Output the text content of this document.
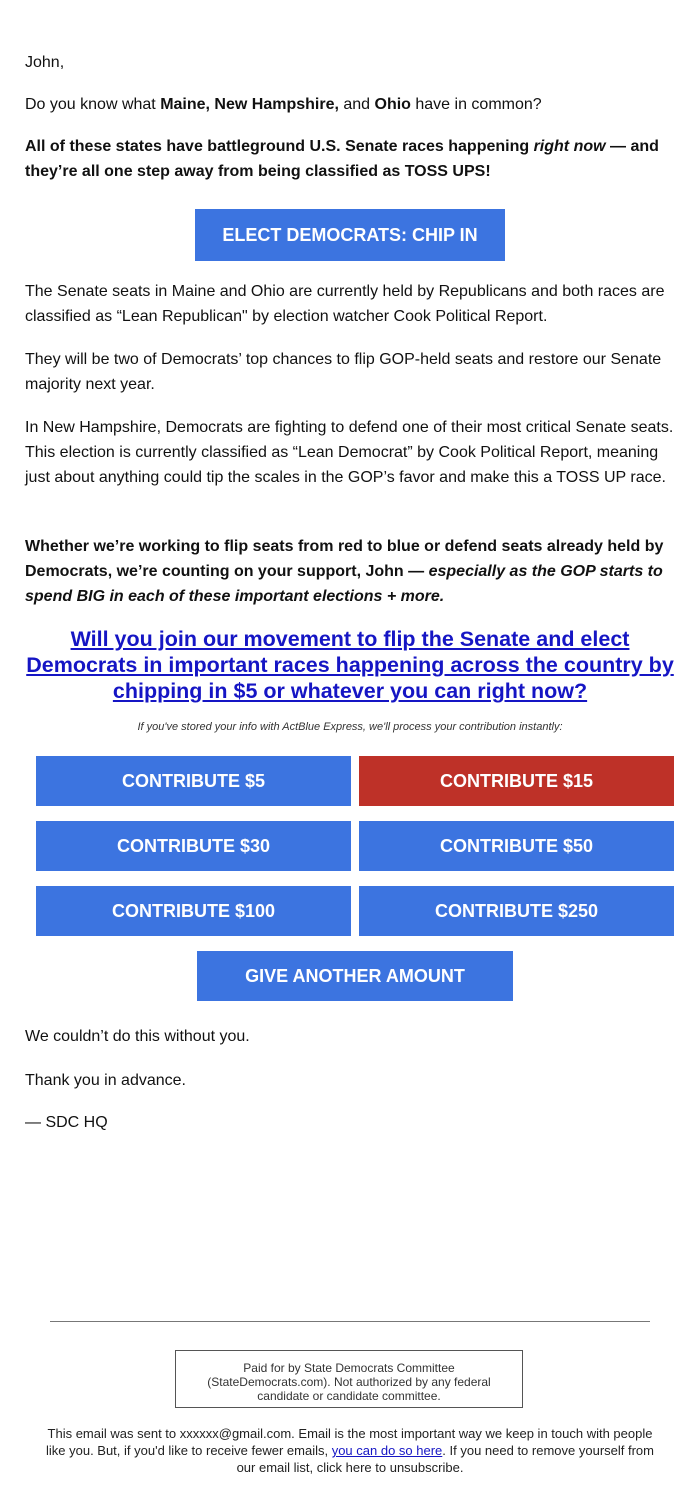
John,

Do you know what Maine, New Hampshire, and Ohio have in common?

All of these states have battleground U.S. Senate races happening right now — and they’re all one step away from being classified as TOSS UPS!

The Senate seats in Maine and Ohio are currently held by Republicans and both races are classified as “Lean Republican" by election watcher Cook Political Report.

They will be two of Democrats’ top chances to flip GOP-held seats and restore our Senate majority next year.

In New Hampshire, Democrats are fighting to defend one of their most critical Senate seats. This election is currently classified as “Lean Democrat” by Cook Political Report, meaning just about anything could tip the scales in the GOP’s favor and make this a TOSS UP race.

Whether we’re working to flip seats from red to blue or defend seats already held by Democrats, we’re counting on your support, John — especially as the GOP starts to spend BIG in each of these important elections + more.

We couldn’t do this without you.

Thank you in advance.

— SDC HQ

ELECT DEMOCRATS: CHIP IN
Will you join our movement to flip the Senate and elect Democrats in important races happening across the country by chipping in $5 or whatever you can right now?
If you've stored your info with ActBlue Express, we'll process your contribution instantly:
CONTRIBUTE $5	CONTRIBUTE $15
CONTRIBUTE $30	CONTRIBUTE $50
CONTRIBUTE $100	CONTRIBUTE $250
GIVE ANOTHER AMOUNT
Paid for by State Democrats Committee (StateDemocrats.com). Not authorized by any federal candidate or candidate committee.
This email was sent to xxxxxx@gmail.com. Email is the most important way we keep in touch with people like you. But, if you'd like to receive fewer emails, you can do so here. If you need to remove yourself from our email list, click here to unsubscribe.
